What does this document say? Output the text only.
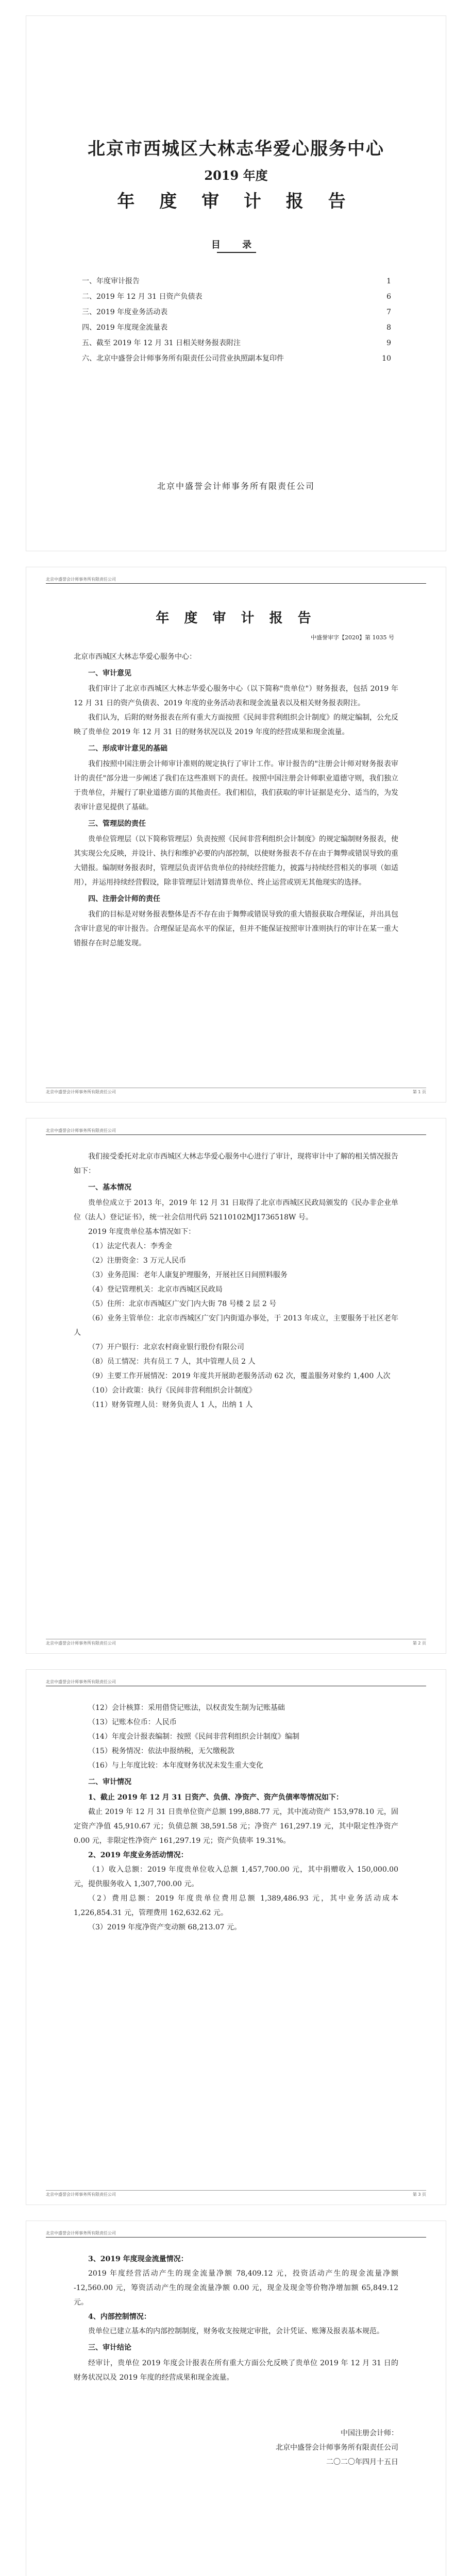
北京市西城区大林志华爱心服务中心
2019 年度
年 度 审 计 报 告
目 录
一、年度审计报告	1
二、2019 年 12 月 31 日资产负债表	6
三、2019 年度业务活动表	7
四、2019 年度现金流量表	8
五、截至 2019 年 12 月 31 日相关财务报表附注	9
六、北京中盛誉会计师事务所有限责任公司营业执照副本复印件	10
北京中盛誉会计师事务所有限责任公司
北京中盛誉会计师事务所有限责任公司
年 度 审 计 报 告
中盛誉审字【2020】第 1035 号

北京市西城区大林志华爱心服务中心：

一、审计意见

我们审计了北京市西城区大林志华爱心服务中心（以下简称"贵单位"）财务报表，包括 2019 年 12 月 31 日的资产负债表、2019 年度的业务活动表和现金流量表以及相关财务报表附注。

我们认为，后附的财务报表在所有重大方面按照《民间非营利组织会计制度》的规定编制，公允反映了贵单位 2019 年 12 月 31 日的财务状况以及 2019 年度的经营成果和现金流量。

二、形成审计意见的基础

我们按照中国注册会计师审计准则的规定执行了审计工作。审计报告的"注册会计师对财务报表审计的责任"部分进一步阐述了我们在这些准则下的责任。按照中国注册会计师职业道德守则，我们独立于贵单位，并履行了职业道德方面的其他责任。我们相信，我们获取的审计证据是充分、适当的，为发表审计意见提供了基础。

三、管理层的责任

贵单位管理层（以下简称管理层）负责按照《民间非营利组织会计制度》的规定编制财务报表，使其实现公允反映，并设计、执行和维护必要的内部控制，以使财务报表不存在由于舞弊或错误导致的重大错报。编制财务报表时，管理层负责评估贵单位的持续经营能力，披露与持续经营相关的事项（如适用），并运用持续经营假设，除非管理层计划清算贵单位、终止运营或别无其他现实的选择。

四、注册会计师的责任

我们的目标是对财务报表整体是否不存在由于舞弊或错误导致的重大错报获取合理保证，并出具包含审计意见的审计报告。合理保证是高水平的保证，但并不能保证按照审计准则执行的审计在某一重大错报存在时总能发现。

北京中盛誉会计师事务所有限责任公司	第 1 页
北京中盛誉会计师事务所有限责任公司

我们接受委托对北京市西城区大林志华爱心服务中心进行了审计，现将审计中了解的相关情况报告如下：

一、基本情况

贵单位成立于 2013 年，2019 年 12 月 31 日取得了北京市西城区民政局颁发的《民办非企业单位（法人）登记证书》，统一社会信用代码 52110102MJ1736518W 号。

2019 年度贵单位基本情况如下：

（1）法定代表人：李秀金

（2）注册资金：3 万元人民币

（3）业务范围：老年人康复护理服务，开展社区日间照料服务

（4）登记管理机关：北京市西城区民政局

（5）住所：北京市西城区广安门内大街 78 号楼 2 层 2 号

（6）业务主管单位：北京市西城区广安门内街道办事处，于 2013 年成立，主要服务于社区老年人

（7）开户银行：北京农村商业银行股份有限公司

（8）员工情况：共有员工 7 人，其中管理人员 2 人

（9）主要工作开展情况：2019 年度共开展助老服务活动 62 次，覆盖服务对象约 1,400 人次

（10）会计政策：执行《民间非营利组织会计制度》

（11）财务管理人员：财务负责人 1 人，出纳 1 人

北京中盛誉会计师事务所有限责任公司	第 2 页
北京中盛誉会计师事务所有限责任公司

（12）会计核算：采用借贷记账法，以权责发生制为记账基础

（13）记账本位币：人民币

（14）年度会计报表编制：按照《民间非营利组织会计制度》编制

（15）税务情况：依法申报纳税，无欠缴税款

（16）与上年度比较：本年度财务状况未发生重大变化

二、审计情况

1、截止 2019 年 12 月 31 日资产、负债、净资产、资产负债率等情况如下：

截止 2019 年 12 月 31 日贵单位资产总额 199,888.77 元，其中流动资产 153,978.10 元，固定资产净值 45,910.67 元；负债总额 38,591.58 元；净资产 161,297.19 元，其中限定性净资产 0.00 元，非限定性净资产 161,297.19 元；资产负债率 19.31%。

2、2019 年度业务活动情况：

（1）收入总额：2019 年度贵单位收入总额 1,457,700.00 元，其中捐赠收入 150,000.00 元，提供服务收入 1,307,700.00 元。

（2）费用总额：2019 年度贵单位费用总额 1,389,486.93 元，其中业务活动成本 1,226,854.31 元，管理费用 162,632.62 元。

（3）2019 年度净资产变动额 68,213.07 元。

北京中盛誉会计师事务所有限责任公司	第 3 页
北京中盛誉会计师事务所有限责任公司

3、2019 年度现金流量情况：

2019 年度经营活动产生的现金流量净额 78,409.12 元，投资活动产生的现金流量净额 -12,560.00 元，筹资活动产生的现金流量净额 0.00 元，现金及现金等价物净增加额 65,849.12 元。

4、内部控制情况：

贵单位已建立基本的内部控制制度，财务收支按规定审批，会计凭证、账簿及报表基本规范。

三、审计结论

经审计，贵单位 2019 年度会计报表在所有重大方面公允反映了贵单位 2019 年 12 月 31 日的财务状况以及 2019 年度的经营成果和现金流量。

中国注册会计师：

北京中盛誉会计师事务所有限责任公司

二〇二〇年四月十五日
